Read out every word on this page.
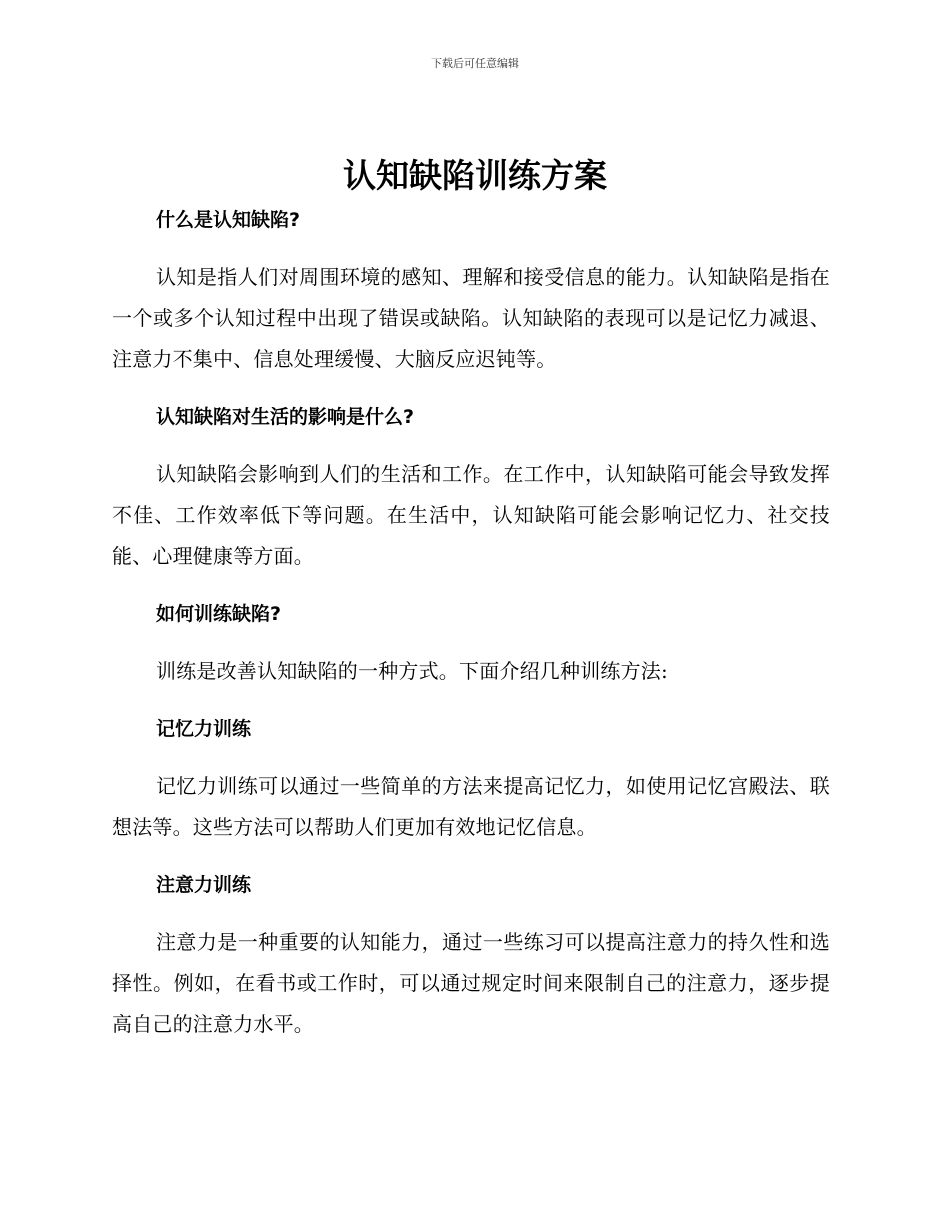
下载后可任意编辑
认知缺陷训练方案
什么是认知缺陷?

认知是指人们对周围环境的感知、理解和接受信息的能力。认知缺陷是指在一个或多个认知过程中出现了错误或缺陷。认知缺陷的表现可以是记忆力减退、注意力不集中、信息处理缓慢、大脑反应迟钝等。

认知缺陷对生活的影响是什么?

认知缺陷会影响到人们的生活和工作。在工作中，认知缺陷可能会导致发挥不佳、工作效率低下等问题。在生活中，认知缺陷可能会影响记忆力、社交技能、心理健康等方面。

如何训练缺陷?

训练是改善认知缺陷的一种方式。下面介绍几种训练方法:

记忆力训练

记忆力训练可以通过一些简单的方法来提高记忆力，如使用记忆宫殿法、联想法等。这些方法可以帮助人们更加有效地记忆信息。

注意力训练

注意力是一种重要的认知能力，通过一些练习可以提高注意力的持久性和选择性。例如，在看书或工作时，可以通过规定时间来限制自己的注意力，逐步提高自己的注意力水平。
